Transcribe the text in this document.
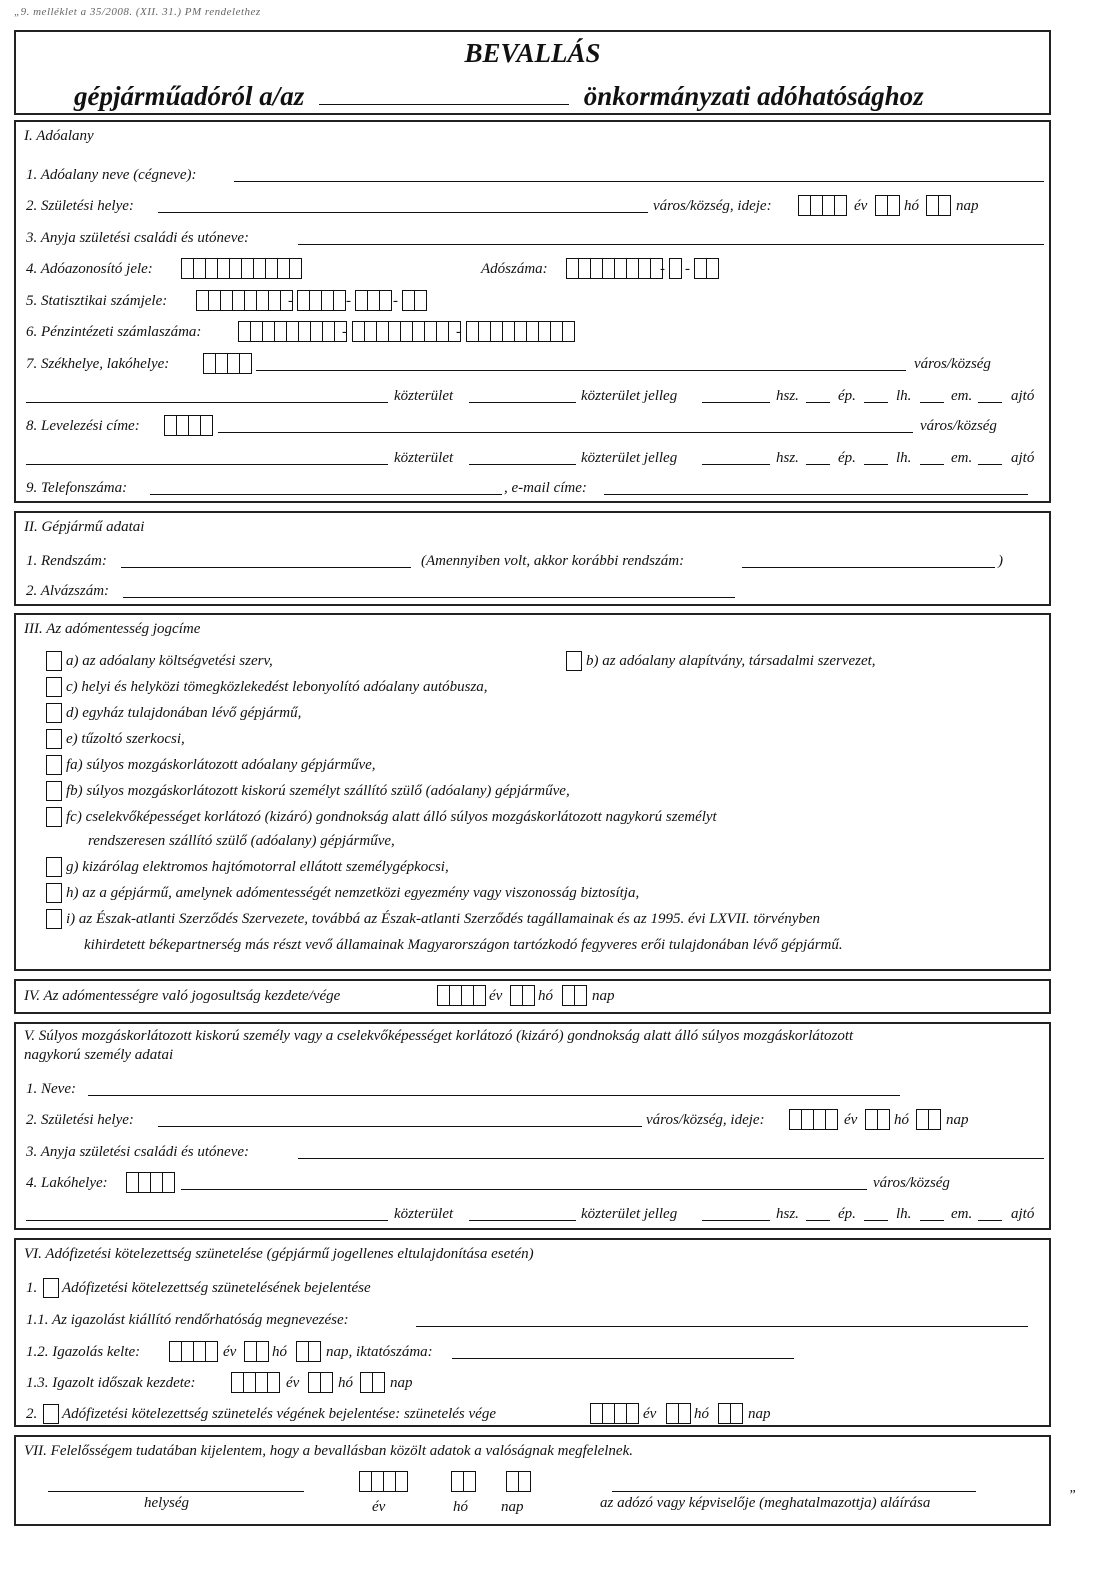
„9. melléklet a 35/2008. (XII. 31.) PM rendelethez
BEVALLÁS
gépjárműadóról a/az	önkormányzati adóhatósághoz
I. Adóalany
1. Adóalany neve (cégneve):
2. Születési helye:	város/község, ideje:	év hó nap
3. Anyja születési családi és utóneve:
4. Adóazonosító jele:	Adószáma:	- -
5. Statisztikai számjele:	-	-	-
6. Pénzintézeti számlaszáma:	-	-
7. Székhelye, lakóhelye:	város/község
közterület	közterület jelleg	hsz.	ép.	lh.	em.	ajtó
8. Levelezési címe:	város/község
közterület	közterület jelleg	hsz.	ép.	lh.	em.	ajtó
9. Telefonszáma:	, e-mail címe:
II. Gépjármű adatai
1. Rendszám:	(Amennyiben volt, akkor korábbi rendszám:	)
2. Alvázszám:
III. Az adómentesség jogcíme
a) az adóalany költségvetési szerv,	b) az adóalany alapítvány, társadalmi szervezet,
c) helyi és helyközi tömegközlekedést lebonyolító adóalany autóbusza,
d) egyház tulajdonában lévő gépjármű,
e) tűzoltó szerkocsi,
fa) súlyos mozgáskorlátozott adóalany gépjárműve,
fb) súlyos mozgáskorlátozott kiskorú személyt szállító szülő (adóalany) gépjárműve,
fc) cselekvőképességet korlátozó (kizáró) gondnokság alatt álló súlyos mozgáskorlátozott nagykorú személyt
rendszeresen szállító szülő (adóalany) gépjárműve,
g) kizárólag elektromos hajtómotorral ellátott személygépkocsi,
h) az a gépjármű, amelynek adómentességét nemzetközi egyezmény vagy viszonosság biztosítja,
i) az Észak-atlanti Szerződés Szervezete, továbbá az Észak-atlanti Szerződés tagállamainak és az 1995. évi LXVII. törvényben
kihirdetett békepartnerség más részt vevő államainak Magyarországon tartózkodó fegyveres erői tulajdonában lévő gépjármű.
IV. Az adómentességre való jogosultság kezdete/vége	év hó	nap
V. Súlyos mozgáskorlátozott kiskorú személy vagy a cselekvőképességet korlátozó (kizáró) gondnokság alatt álló súlyos mozgáskorlátozott
nagykorú személy adatai
1. Neve:
2. Születési helye:	város/község, ideje:	év hó nap
3. Anyja születési családi és utóneve:
4. Lakóhelye:	város/község
közterület	közterület jelleg	hsz.	ép.	lh.	em.	ajtó
VI. Adófizetési kötelezettség szünetelése (gépjármű jogellenes eltulajdonítása esetén)
1. Adófizetési kötelezettség szünetelésének bejelentése
1.1. Az igazolást kiállító rendőrhatóság megnevezése:
1.2. Igazolás kelte:	év hó	nap, iktatószáma:
1.3. Igazolt időszak kezdete:	év	hó nap
2. Adófizetési kötelezettség szünetelés végének bejelentése: szünetelés vége	év	hó	nap
VII. Felelősségem tudatában kijelentem, hogy a bevallásban közölt adatok a valóságnak megfelelnek.
helység	év	hó nap	az adózó vagy képviselője (meghatalmazottja) aláírása	”
